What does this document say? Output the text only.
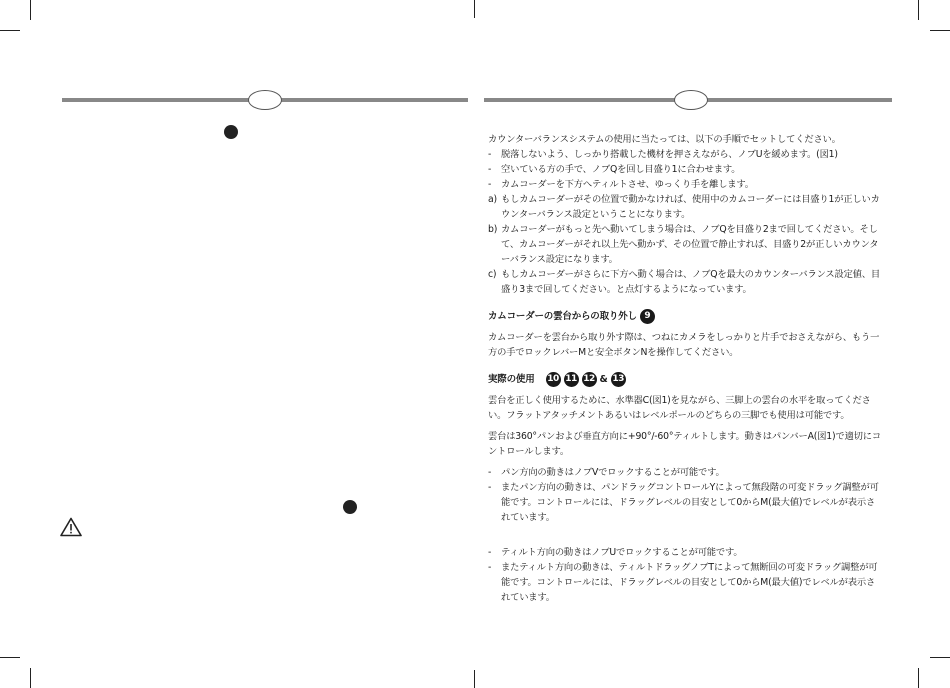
カウンターバランスシステムの使用に当たっては、以下の手順でセットしてください。

- 脱落しないよう、しっかり搭載した機材を押さえながら、ノブUを緩めます。(図1)
- 空いている方の手で、ノブQを回し目盛り1に合わせます。
- カムコーダーを下方へティルトさせ、ゆっくり手を離します。
a) もしカムコーダーがその位置で動かなければ、使用中のカムコーダーには目盛り1が正しいカウンターバランス設定ということになります。
b) カムコーダーがもっと先へ動いてしまう場合は、ノブQを目盛り2まで回してください。そして、カムコーダーがそれ以上先へ動かず、その位置で静止すれば、目盛り2が正しいカウンターバランス設定になります。
c) もしカムコーダーがさらに下方へ動く場合は、ノブQを最大のカウンターバランス設定値、目盛り3まで回してください。と点灯するようになっています。
カムコーダーの雲台からの取り外し 9

カムコーダーを雲台から取り外す際は、つねにカメラをしっかりと片手でおさえながら、もう一方の手でロックレバーMと安全ボタンNを操作してください。

実際の使用 10 11 12 & 13

雲台を正しく使用するために、水準器C(図1)を見ながら、三脚上の雲台の水平を取ってください。フラットアタッチメントあるいはレベルポールのどちらの三脚でも使用は可能です。

雲台は360°パンおよび垂直方向に+90°/-60°ティルトします。動きはパンバーA(図1)で適切にコントロールします。

- パン方向の動きはノブVでロックすることが可能です。
- またパン方向の動きは、パンドラッグコントロールYによって無段階の可変ドラッグ調整が可能です。コントロールには、ドラッグレベルの目安として0からM(最大値)でレベルが表示されています。
- ティルト方向の動きはノブUでロックすることが可能です。
- またティルト方向の動きは、ティルトドラッグノブTによって無断回の可変ドラッグ調整が可能です。コントロールには、ドラッグレベルの目安として0からM(最大値)でレベルが表示されています。
